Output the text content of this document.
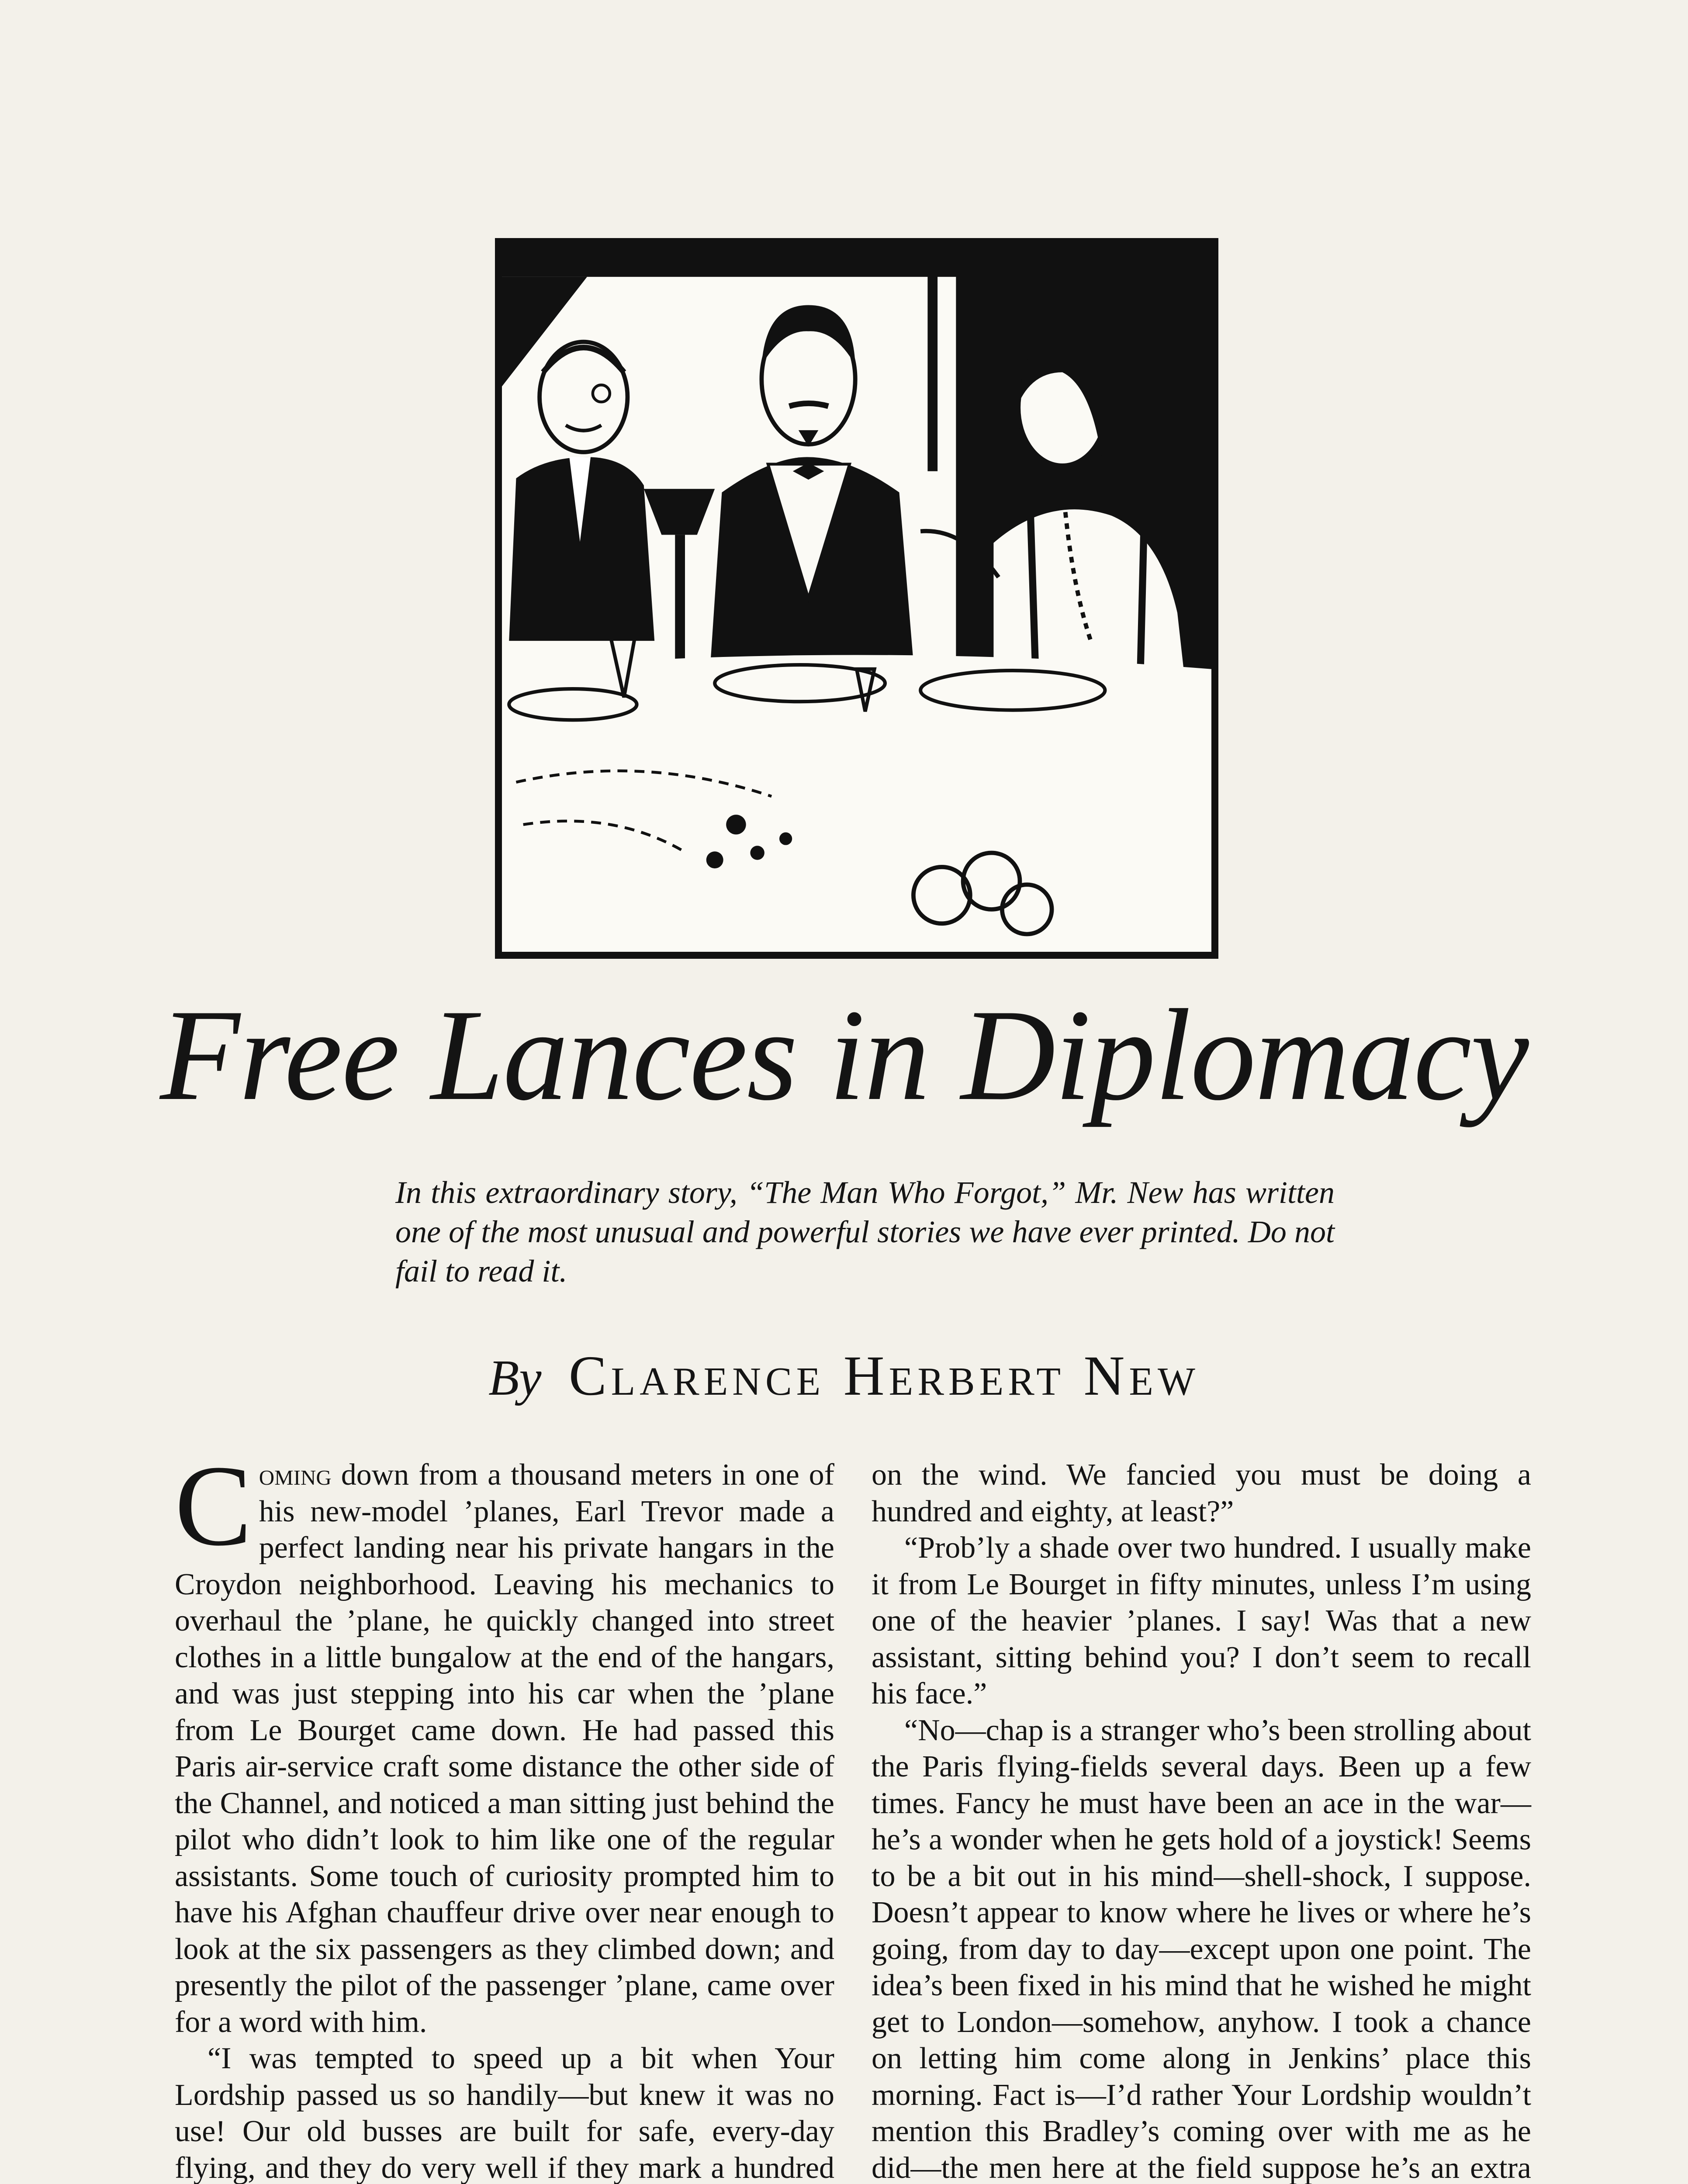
Free Lances in Diplomacy

In this extraordinary story, “The Man Who Forgot,” Mr. New has written one of the most unusual and powerful stories we have ever printed. Do not fail to read it.

By Clarence Herbert New

Coming down from a thousand meters in one of his new-model ’planes, Earl Trevor made a perfect landing near his private hangars in the Croydon neighborhood. Leaving his mechanics to overhaul the ’plane, he quickly changed into street clothes in a little bungalow at the end of the hangars, and was just stepping into his car when the ’plane from Le Bourget came down. He had passed this Paris air-service craft some distance the other side of the Channel, and noticed a man sitting just behind the pilot who didn’t look to him like one of the regular assistants. Some touch of curiosity prompted him to have his Afghan chauffeur drive over near enough to look at the six passengers as they climbed down; and presently the pilot of the passenger ’plane, came over for a word with him.

“I was tempted to speed up a bit when Your Lordship passed us so handily—but knew it was no use! Our old busses are built for safe, every-day flying, and they do very well if they mark a hundred

on the wind. We fancied you must be doing a hundred and eighty, at least?”

“Prob’ly a shade over two hundred. I usually make it from Le Bourget in fifty minutes, unless I’m using one of the heavier ’planes. I say! Was that a new assistant, sitting behind you? I don’t seem to recall his face.”

“No—chap is a stranger who’s been strolling about the Paris flying-fields several days. Been up a few times. Fancy he must have been an ace in the war—he’s a wonder when he gets hold of a joystick! Seems to be a bit out in his mind—shell-shock, I suppose. Doesn’t appear to know where he lives or where he’s going, from day to day—except upon one point. The idea’s been fixed in his mind that he wished he might get to London—somehow, anyhow. I took a chance on letting him come along in Jenkins’ place this morning. Fact is—I’d rather Your Lordship wouldn’t mention this Bradley’s coming over with me as he did—the men here at the field suppose he’s an extra
